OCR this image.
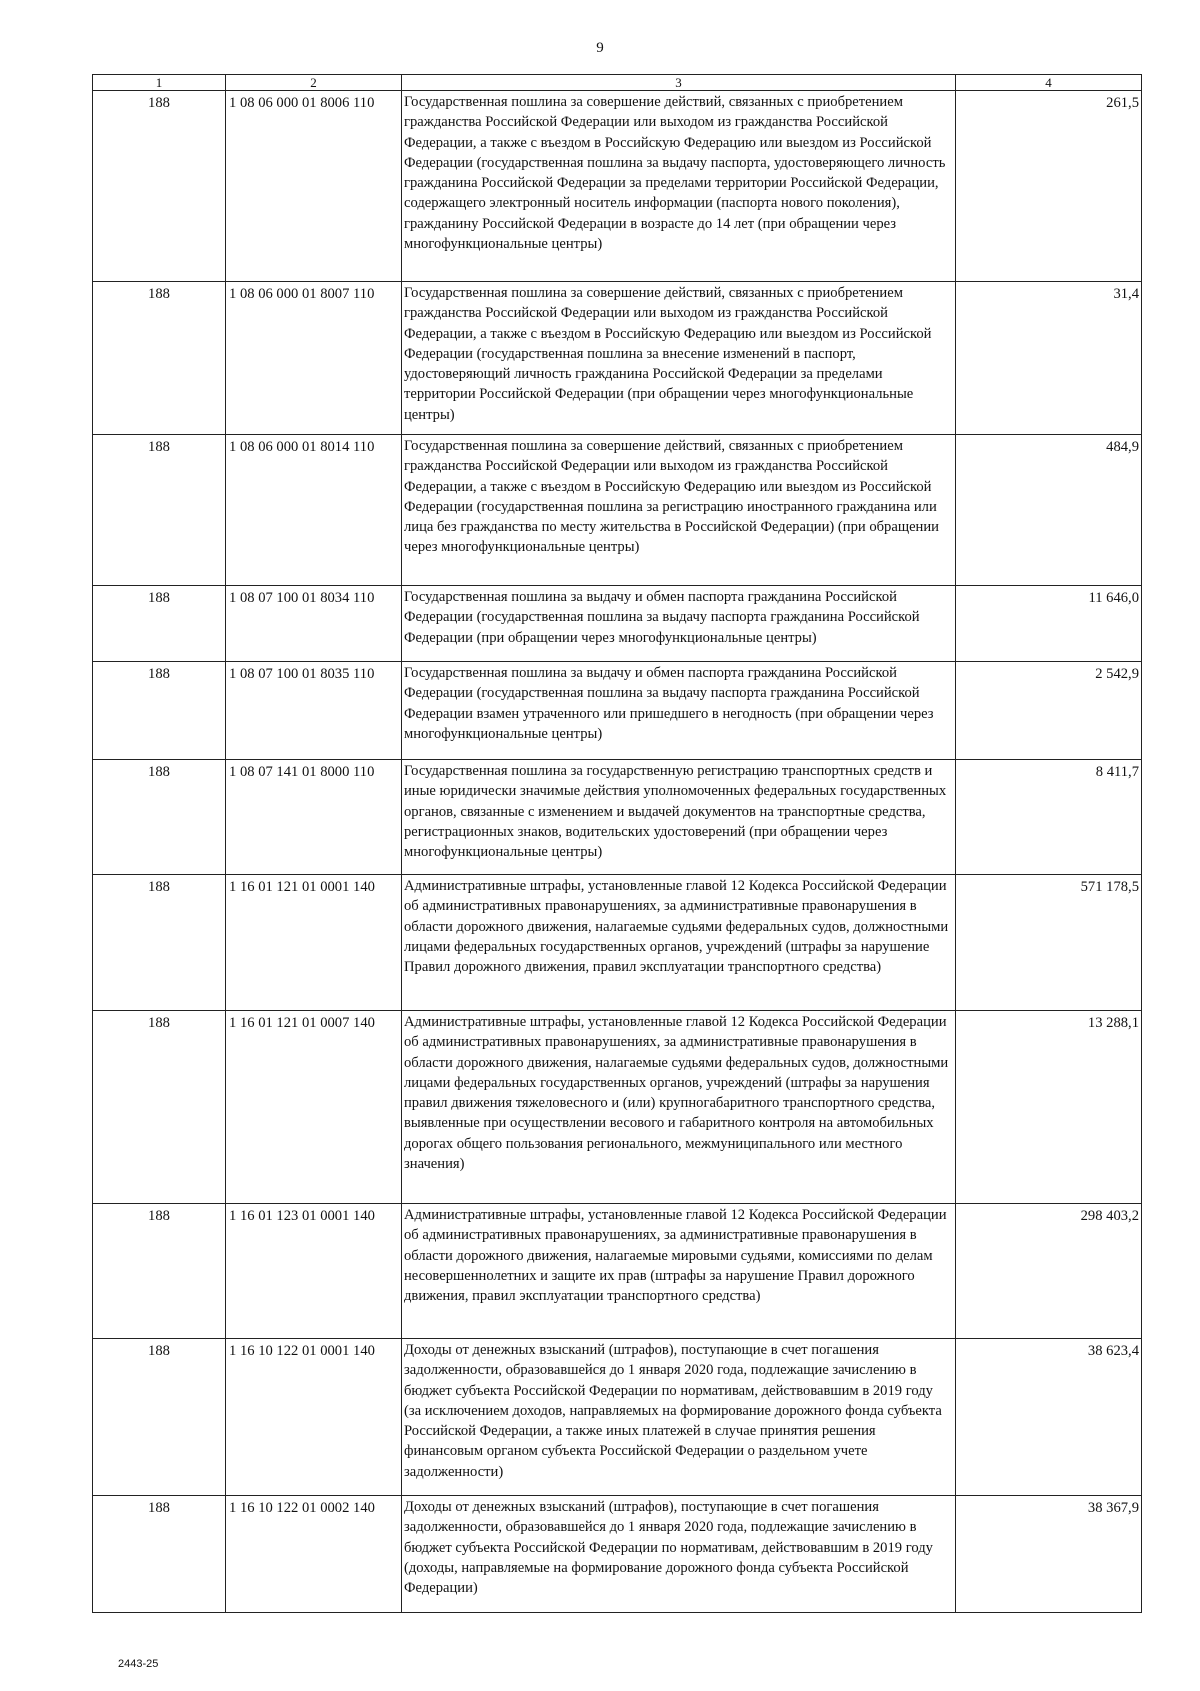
9
1	2	3	4
188	1 08 06 000 01 8006 110	Государственная пошлина за совершение действий, связанных с приобретением гражданства Российской Федерации или выходом из гражданства Российской Федерации, а также с въездом в Российскую Федерацию или выездом из Российской Федерации (государственная пошлина за выдачу паспорта, удостоверяющего личность гражданина Российской Федерации за пределами территории Российской Федерации, содержащего электронный носитель информации (паспорта нового поколения), гражданину Российской Федерации в возрасте до 14 лет (при обращении через многофункциональные центры)	261,5
188	1 08 06 000 01 8007 110	Государственная пошлина за совершение действий, связанных с приобретением гражданства Российской Федерации или выходом из гражданства Российской Федерации, а также с въездом в Российскую Федерацию или выездом из Российской Федерации (государственная пошлина за внесение изменений в паспорт, удостоверяющий личность гражданина Российской Федерации за пределами территории Российской Федерации (при обращении через многофункциональные центры)	31,4
188	1 08 06 000 01 8014 110	Государственная пошлина за совершение действий, связанных с приобретением гражданства Российской Федерации или выходом из гражданства Российской Федерации, а также с въездом в Российскую Федерацию или выездом из Российской Федерации (государственная пошлина за регистрацию иностранного гражданина или лица без гражданства по месту жительства в Российской Федерации) (при обращении через многофункциональные центры)	484,9
188	1 08 07 100 01 8034 110	Государственная пошлина за выдачу и обмен паспорта гражданина Российской Федерации (государственная пошлина за выдачу паспорта гражданина Российской Федерации (при обращении через многофункциональные центры)	11 646,0
188	1 08 07 100 01 8035 110	Государственная пошлина за выдачу и обмен паспорта гражданина Российской Федерации (государственная пошлина за выдачу паспорта гражданина Российской Федерации взамен утраченного или пришедшего в негодность (при обращении через многофункциональные центры)	2 542,9
188	1 08 07 141 01 8000 110	Государственная пошлина за государственную регистрацию транспортных средств и иные юридически значимые действия уполномоченных федеральных государственных органов, связанные с изменением и выдачей документов на транспортные средства, регистрационных знаков, водительских удостоверений (при обращении через многофункциональные центры)	8 411,7
188	1 16 01 121 01 0001 140	Административные штрафы, установленные главой 12 Кодекса Российской Федерации об административных правонарушениях, за административные правонарушения в области дорожного движения, налагаемые судьями федеральных судов, должностными лицами федеральных государственных органов, учреждений (штрафы за нарушение Правил дорожного движения, правил эксплуатации транспортного средства)	571 178,5
188	1 16 01 121 01 0007 140	Административные штрафы, установленные главой 12 Кодекса Российской Федерации об административных правонарушениях, за административные правонарушения в области дорожного движения, налагаемые судьями федеральных судов, должностными лицами федеральных государственных органов, учреждений (штрафы за нарушения правил движения тяжеловесного и (или) крупногабаритного транспортного средства, выявленные при осуществлении весового и габаритного контроля на автомобильных дорогах общего пользования регионального, межмуниципального или местного значения)	13 288,1
188	1 16 01 123 01 0001 140	Административные штрафы, установленные главой 12 Кодекса Российской Федерации об административных правонарушениях, за административные правонарушения в области дорожного движения, налагаемые мировыми судьями, комиссиями по делам несовершеннолетних и защите их прав (штрафы за нарушение Правил дорожного движения, правил эксплуатации транспортного средства)	298 403,2
188	1 16 10 122 01 0001 140	Доходы от денежных взысканий (штрафов), поступающие в счет погашения задолженности, образовавшейся до 1 января 2020 года, подлежащие зачислению в бюджет субъекта Российской Федерации по нормативам, действовавшим в 2019 году (за исключением доходов, направляемых на формирование дорожного фонда субъекта Российской Федерации, а также иных платежей в случае принятия решения финансовым органом субъекта Российской Федерации о раздельном учете задолженности)	38 623,4
188	1 16 10 122 01 0002 140	Доходы от денежных взысканий (штрафов), поступающие в счет погашения задолженности, образовавшейся до 1 января 2020 года, подлежащие зачислению в бюджет субъекта Российской Федерации по нормативам, действовавшим в 2019 году (доходы, направляемые на формирование дорожного фонда субъекта Российской Федерации)	38 367,9
2443-25
